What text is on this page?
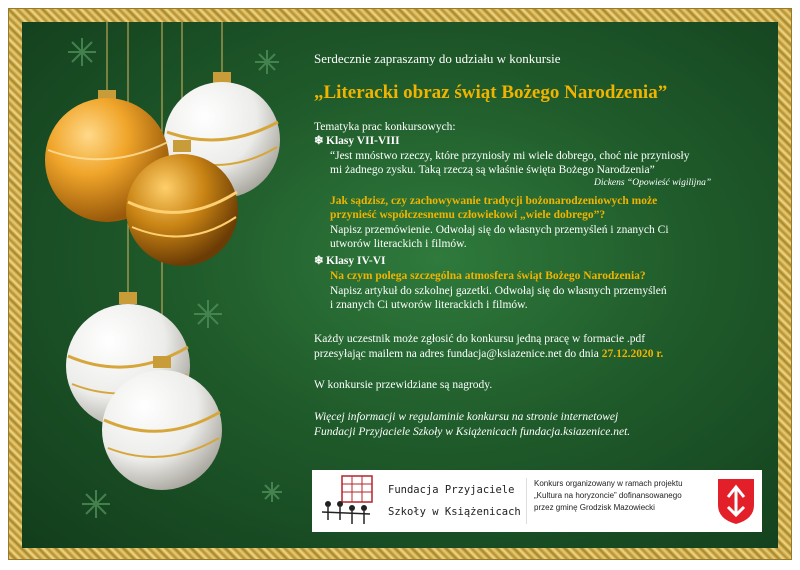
Serdecznie zapraszamy do udziału w konkursie
„Literacki obraz świąt Bożego Narodzenia”
Tematyka prac konkursowych:
❄ Klasy VII-VIII
“Jest mnóstwo rzeczy, które przyniosły mi wiele dobrego, choć nie przyniosły
mi żadnego zysku. Taką rzeczą są właśnie święta Bożego Narodzenia”
Dickens “Opowieść wigilijna”
Jak sądzisz, czy zachowywanie tradycji bożonarodzeniowych może
przynieść współczesnemu człowiekowi „wiele dobrego”?
Napisz przemówienie. Odwołaj się do własnych przemyśleń i znanych Ci
utworów literackich i filmów.
❄ Klasy IV-VI
Na czym polega szczególna atmosfera świąt Bożego Narodzenia?
Napisz artykuł do szkolnej gazetki. Odwołaj się do własnych przemyśleń
i znanych Ci utworów literackich i filmów.
Każdy uczestnik może zgłosić do konkursu jedną pracę w formacie .pdf
przesyłając mailem na adres fundacja@ksiazenice.net do dnia 27.12.2020 r.
W konkursie przewidziane są nagrody.
Więcej informacji w regulaminie konkursu na stronie internetowej
Fundacji Przyjaciele Szkoły w Książenicach fundacja.ksiazenice.net.
Fundacja Przyjaciele
Szkoły w Książenicach
Konkurs organizowany w ramach projektu
„Kultura na horyzoncie” dofinansowanego
przez gminę Grodzisk Mazowiecki
